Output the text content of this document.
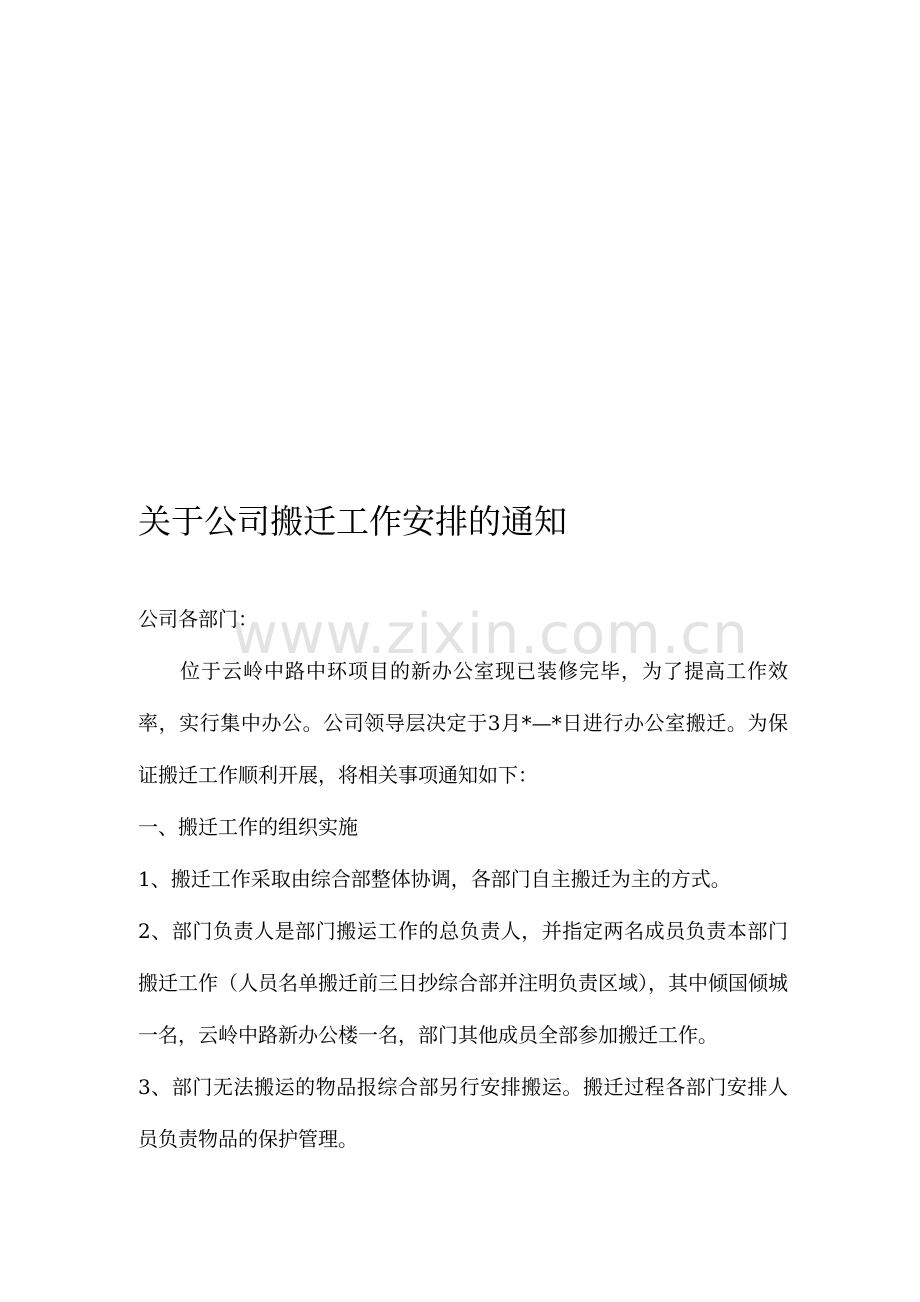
关于公司搬迁工作安排的通知
www.zixin.com.cn

公司各部门：

位于云岭中路中环项目的新办公室现已装修完毕，为了提高工作效率，实行集中办公。公司领导层决定于3月*—*日进行办公室搬迁。为保证搬迁工作顺利开展，将相关事项通知如下：

一、搬迁工作的组织实施

1、搬迁工作采取由综合部整体协调，各部门自主搬迁为主的方式。

2、部门负责人是部门搬运工作的总负责人，并指定两名成员负责本部门搬迁工作（人员名单搬迁前三日抄综合部并注明负责区域），其中倾国倾城一名，云岭中路新办公楼一名，部门其他成员全部参加搬迁工作。

3、部门无法搬运的物品报综合部另行安排搬运。搬迁过程各部门安排人员负责物品的保护管理。
